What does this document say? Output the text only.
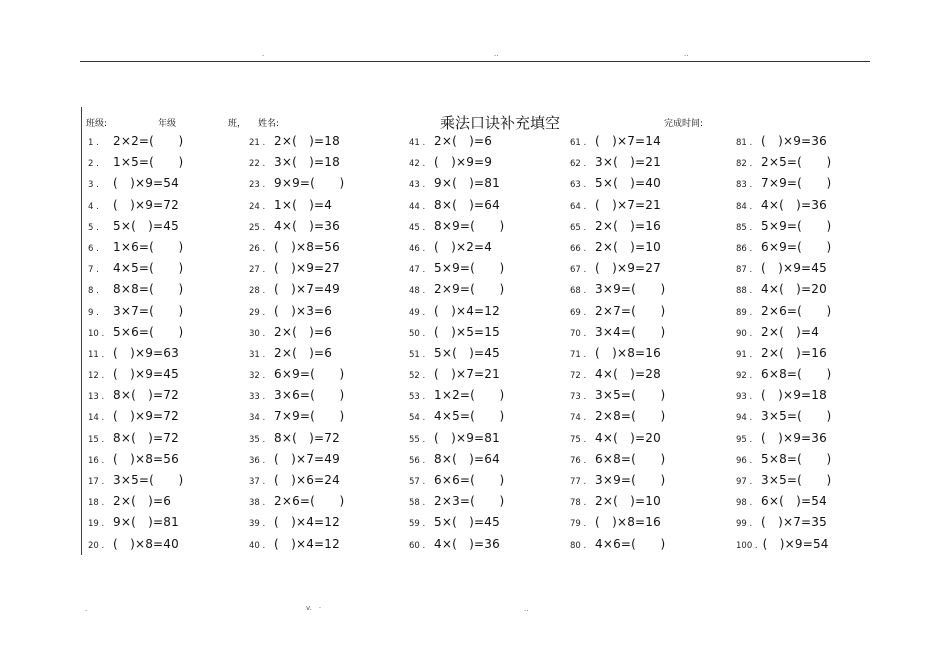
·	··	··
·	v.　·	··
班级:	年级	班， 姓名:	乘法口诀补充填空	完成时间:
1 . 2×2=(　　)
2 . 1×5=(　　)
3 . (　)×9=54
4 . (　)×9=72
5 . 5×(　)=45
6 . 1×6=(　　)
7 . 4×5=(　　)
8 . 8×8=(　　)
9 . 3×7=(　　)
10 . 5×6=(　　)
11 . (　)×9=63
12 . (　)×9=45
13 . 8×(　)=72
14 . (　)×9=72
15 . 8×(　)=72
16 . (　)×8=56
17 . 3×5=(　　)
18 . 2×(　)=6
19 . 9×(　)=81
20 . (　)×8=40
21 . 2×(　)=18
22 . 3×(　)=18
23 . 9×9=(　　)
24 . 1×(　)=4
25 . 4×(　)=36
26 . (　)×8=56
27 . (　)×9=27
28 . (　)×7=49
29 . (　)×3=6
30 . 2×(　)=6
31 . 2×(　)=6
32 . 6×9=(　　)
33 . 3×6=(　　)
34 . 7×9=(　　)
35 . 8×(　)=72
36 . (　)×7=49
37 . (　)×6=24
38 . 2×6=(　　)
39 . (　)×4=12
40 . (　)×4=12
41 . 2×(　)=6
42 . (　)×9=9
43 . 9×(　)=81
44 . 8×(　)=64
45 . 8×9=(　　)
46 . (　)×2=4
47 . 5×9=(　　)
48 . 2×9=(　　)
49 . (　)×4=12
50 . (　)×5=15
51 . 5×(　)=45
52 . (　)×7=21
53 . 1×2=(　　)
54 . 4×5=(　　)
55 . (　)×9=81
56 . 8×(　)=64
57 . 6×6=(　　)
58 . 2×3=(　　)
59 . 5×(　)=45
60 . 4×(　)=36
61 . (　)×7=14
62 . 3×(　)=21
63 . 5×(　)=40
64 . (　)×7=21
65 . 2×(　)=16
66 . 2×(　)=10
67 . (　)×9=27
68 . 3×9=(　　)
69 . 2×7=(　　)
70 . 3×4=(　　)
71 . (　)×8=16
72 . 4×(　)=28
73 . 3×5=(　　)
74 . 2×8=(　　)
75 . 4×(　)=20
76 . 6×8=(　　)
77 . 3×9=(　　)
78 . 2×(　)=10
79 . (　)×8=16
80 . 4×6=(　　)
81 . (　)×9=36
82 . 2×5=(　　)
83 . 7×9=(　　)
84 . 4×(　)=36
85 . 5×9=(　　)
86 . 6×9=(　　)
87 . (　)×9=45
88 . 4×(　)=20
89 . 2×6=(　　)
90 . 2×(　)=4
91 . 2×(　)=16
92 . 6×8=(　　)
93 . (　)×9=18
94 . 3×5=(　　)
95 . (　)×9=36
96 . 5×8=(　　)
97 . 3×5=(　　)
98 . 6×(　)=54
99 . (　)×7=35
100 . (　)×9=54
